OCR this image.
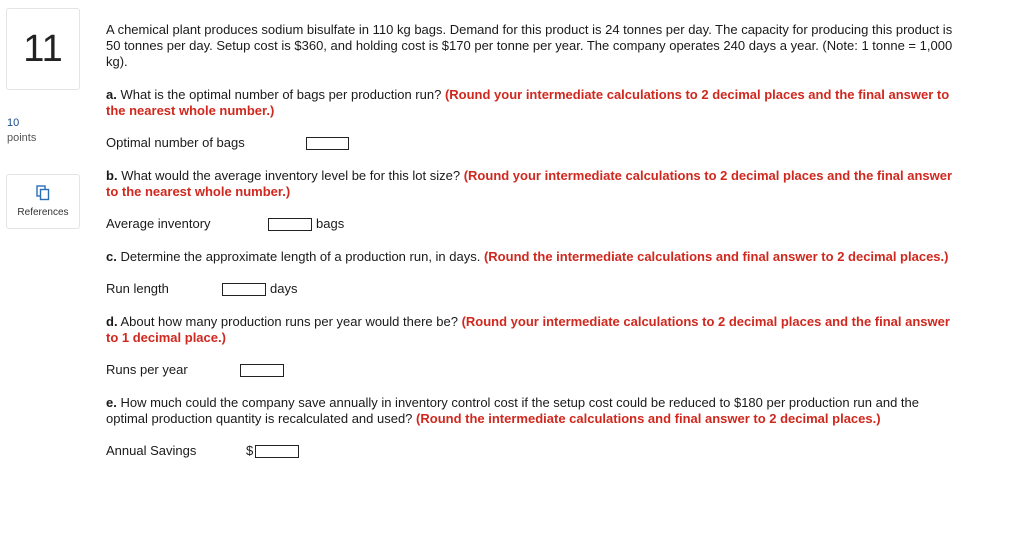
11
10
points
References

A chemical plant produces sodium bisulfate in 110 kg bags. Demand for this product is 24 tonnes per day. The capacity for producing this product is 50 tonnes per day. Setup cost is $360, and holding cost is $170 per tonne per year. The company operates 240 days a year. (Note: 1 tonne = 1,000 kg).

a. What is the optimal number of bags per production run? (Round your intermediate calculations to 2 decimal places and the final answer to the nearest whole number.)
Optimal number of bags
b. What would the average inventory level be for this lot size? (Round your intermediate calculations to 2 decimal places and the final answer to the nearest whole number.)
Average inventory	bags
c. Determine the approximate length of a production run, in days. (Round the intermediate calculations and final answer to 2 decimal places.)
Run length	days
d. About how many production runs per year would there be? (Round your intermediate calculations to 2 decimal places and the final answer to 1 decimal place.)
Runs per year
e. How much could the company save annually in inventory control cost if the setup cost could be reduced to $180 per production run and the optimal production quantity is recalculated and used? (Round the intermediate calculations and final answer to 2 decimal places.)
Annual Savings	$
